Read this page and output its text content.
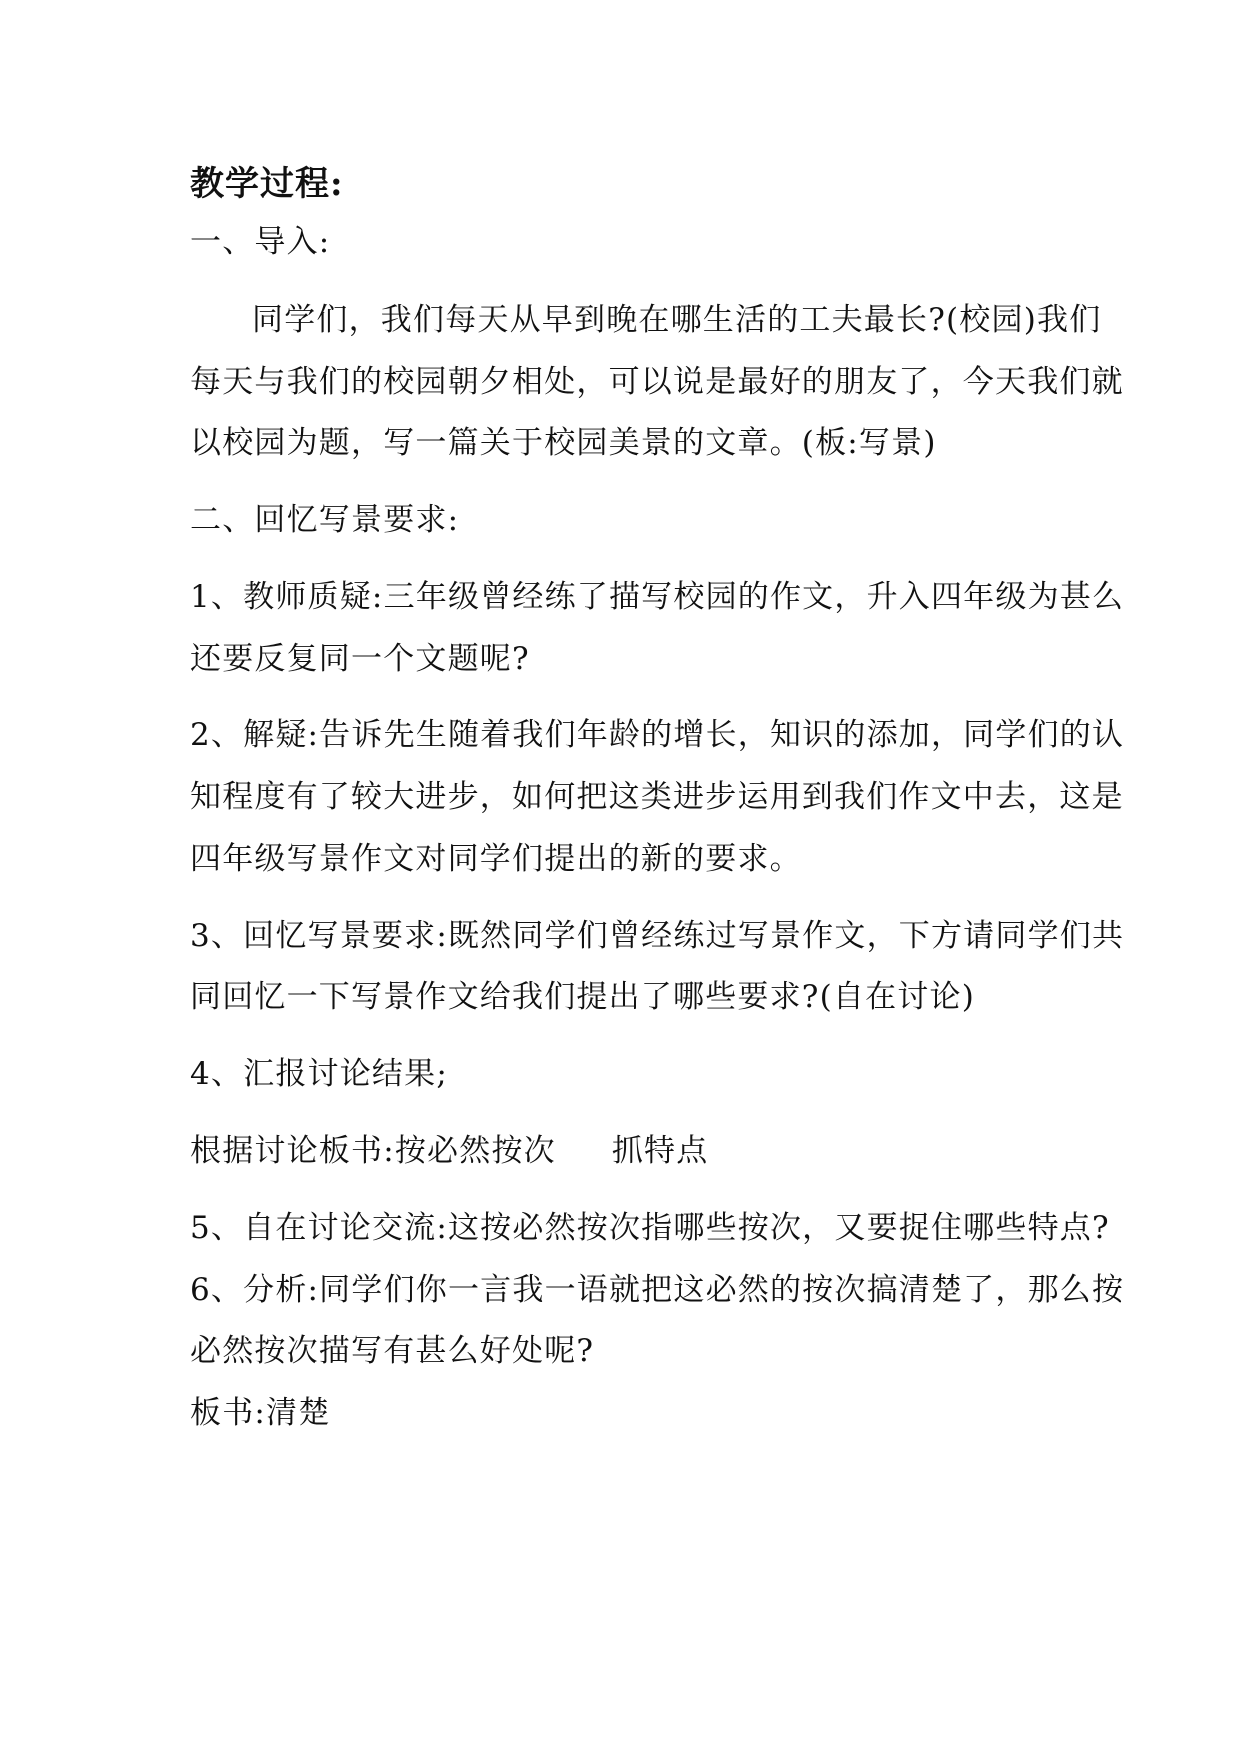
教学过程:
一、导入:
同学们，我们每天从早到晚在哪生活的工夫最长?(校园)我们
每天与我们的校园朝夕相处，可以说是最好的朋友了，今天我们就
以校园为题，写一篇关于校园美景的文章。(板:写景)
二、回忆写景要求:
1、教师质疑:三年级曾经练了描写校园的作文，升入四年级为甚么
还要反复同一个文题呢?
2、解疑:告诉先生随着我们年龄的增长，知识的添加，同学们的认
知程度有了较大进步，如何把这类进步运用到我们作文中去，这是
四年级写景作文对同学们提出的新的要求。
3、回忆写景要求:既然同学们曾经练过写景作文，下方请同学们共
同回忆一下写景作文给我们提出了哪些要求?(自在讨论)
4、汇报讨论结果;
根据讨论板书:按必然按次 抓特点
5、自在讨论交流:这按必然按次指哪些按次，又要捉住哪些特点?
6、分析:同学们你一言我一语就把这必然的按次搞清楚了，那么按
必然按次描写有甚么好处呢?
板书:清楚
